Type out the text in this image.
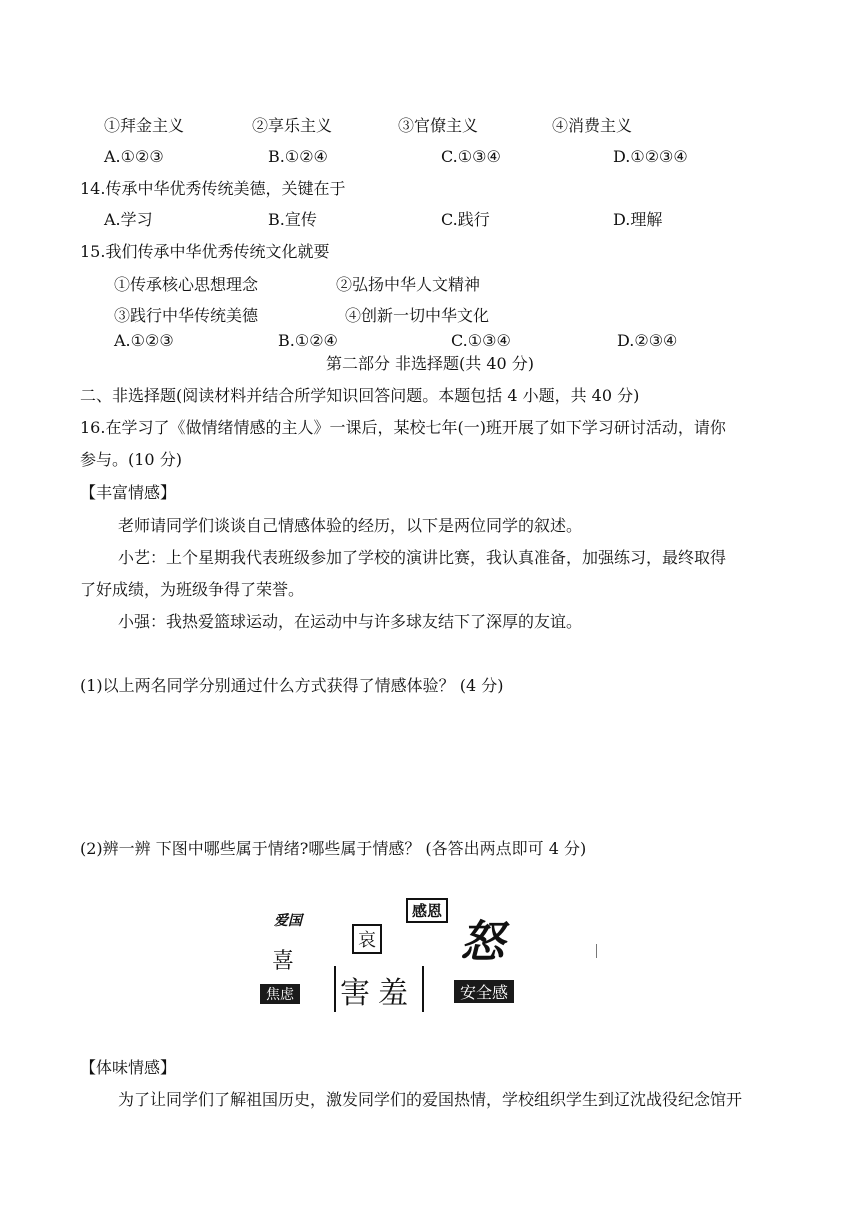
①拜金主义	②享乐主义	③官僚主义	④消费主义
A.①②③	B.①②④	C.①③④	D.①②③④
14.传承中华优秀传统美德，关键在于
A.学习	B.宣传	C.践行	D.理解
15.我们传承中华优秀传统文化就要
①传承核心思想理念	②弘扬中华人文精神
③践行中华传统美德	④创新一切中华文化
A.①②③	B.①②④	C.①③④	D.②③④
第二部分 非选择题(共 40 分)
二、非选择题(阅读材料并结合所学知识回答问题。本题包括 4 小题，共 40 分)
16.在学习了《做情绪情感的主人》一课后，某校七年(一)班开展了如下学习研讨活动，请你
参与。(10 分)
【丰富情感】
老师请同学们谈谈自己情感体验的经历，以下是两位同学的叙述。
小艺：上个星期我代表班级参加了学校的演讲比赛，我认真准备，加强练习，最终取得
了好成绩，为班级争得了荣誉。
小强：我热爱篮球运动，在运动中与许多球友结下了深厚的友谊。
(1)以上两名同学分别通过什么方式获得了情感体验？ (4 分)
(2)辨一辨 下图中哪些属于情绪?哪些属于情感？ (各答出两点即可 4 分)
爱国
感恩
喜
哀 怒
焦虑 害羞	安全感
【体味情感】
为了让同学们了解祖国历史，激发同学们的爱国热情，学校组织学生到辽沈战役纪念馆开
